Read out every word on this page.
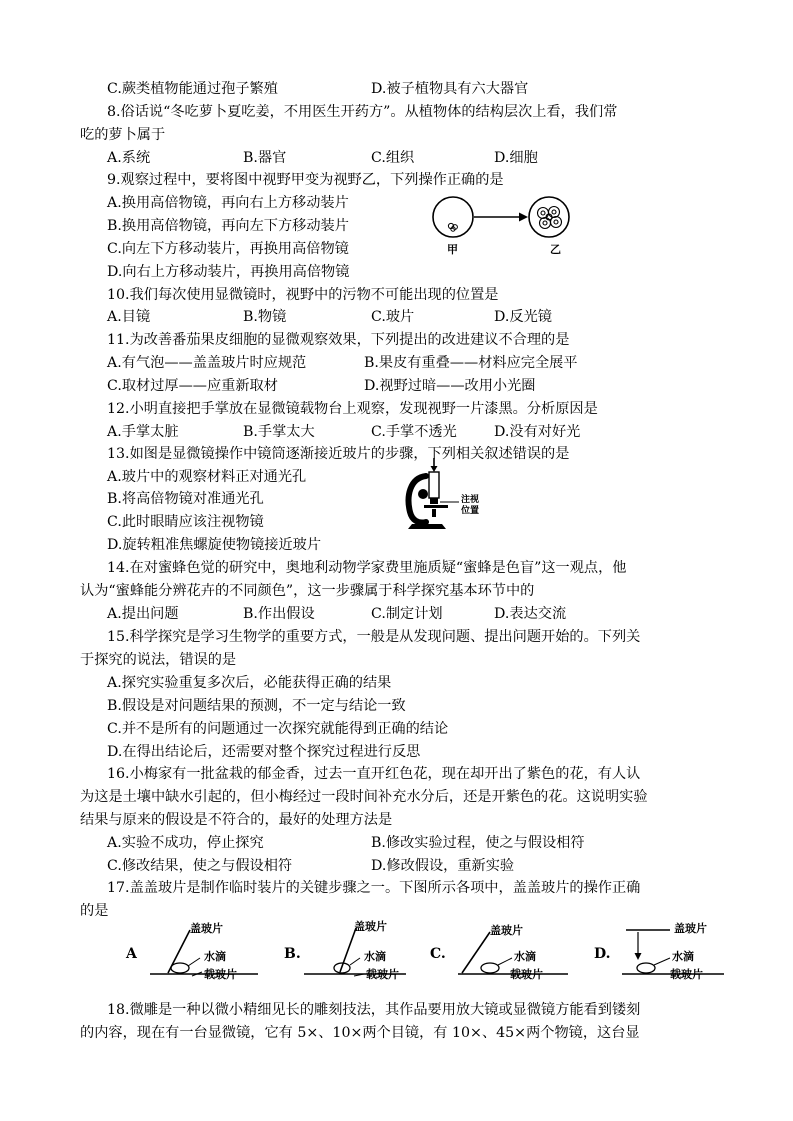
C.蕨类植物能通过孢子繁殖	D.被子植物具有六大器官
8.俗话说“冬吃萝卜夏吃姜，不用医生开药方”。从植物体的结构层次上看，我们常
吃的萝卜属于
A.系统	B.器官	C.组织	D.细胞
9.观察过程中，要将图中视野甲变为视野乙，下列操作正确的是
A.换用高倍物镜，再向右上方移动装片
B.换用高倍物镜，再向左下方移动装片
C.向左下方移动装片，再换用高倍物镜
D.向右上方移动装片，再换用高倍物镜
甲	乙
10.我们每次使用显微镜时，视野中的污物不可能出现的位置是
A.目镜	B.物镜	C.玻片	D.反光镜
11.为改善番茄果皮细胞的显微观察效果，下列提出的改进建议不合理的是
A.有气泡——盖盖玻片时应规范	B.果皮有重叠——材料应完全展平
C.取材过厚——应重新取材	D.视野过暗——改用小光圈
12.小明直接把手掌放在显微镜载物台上观察，发现视野一片漆黑。分析原因是
A.手掌太脏	B.手掌太大	C.手掌不透光	D.没有对好光
13.如图是显微镜操作中镜筒逐渐接近玻片的步骤，下列相关叙述错误的是
A.玻片中的观察材料正对通光孔
B.将高倍物镜对准通光孔
C.此时眼睛应该注视物镜
D.旋转粗准焦螺旋使物镜接近玻片
注视
位置
14.在对蜜蜂色觉的研究中，奥地利动物学家费里施质疑“蜜蜂是色盲”这一观点，他
认为“蜜蜂能分辨花卉的不同颜色”，这一步骤属于科学探究基本环节中的
A.提出问题	B.作出假设	C.制定计划	D.表达交流
15.科学探究是学习生物学的重要方式，一般是从发现问题、提出问题开始的。下列关
于探究的说法，错误的是
A.探究实验重复多次后，必能获得正确的结果
B.假设是对问题结果的预测，不一定与结论一致
C.并不是所有的问题通过一次探究就能得到正确的结论
D.在得出结论后，还需要对整个探究过程进行反思
16.小梅家有一批盆栽的郁金香，过去一直开红色花，现在却开出了紫色的花，有人认
为这是土壤中缺水引起的，但小梅经过一段时间补充水分后，还是开紫色的花。这说明实验
结果与原来的假设是不符合的，最好的处理方法是
A.实验不成功，停止探究	B.修改实验过程，使之与假设相符
C.修改结果，使之与假设相符	D.修改假设，重新实验
17.盖盖玻片是制作临时装片的关键步骤之一。下图所示各项中，盖盖玻片的操作正确
的是
A
盖玻片
水滴
载玻片
B.
盖玻片
水滴
载玻片
C.
盖玻片
水滴
载玻片
D.
盖玻片
水滴
载玻片
18.微雕是一种以微小精细见长的雕刻技法，其作品要用放大镜或显微镜方能看到镂刻
的内容，现在有一台显微镜，它有 5×、10×两个目镜，有 10×、45×两个物镜，这台显
